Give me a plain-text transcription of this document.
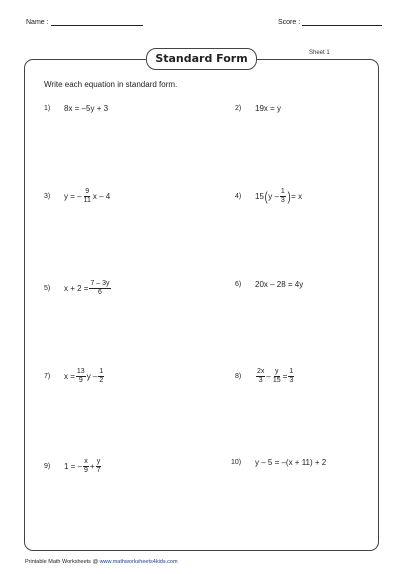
Name :	Score :
Standard Form	Sheet 1
Write each equation in standard form.
1)	8x = –5y + 3	2)	19x = y
3)	y = – $\frac{9}{11}$ x – 4	4)	15 ( y – $\frac{1}{3}$ ) = x
5)	$x + 2 = \frac{7 - 3y}{6}$	6)	20x – 28 = 4y
7)	$x = \frac{13}{9}$ y – $\frac{1}{2}$	8)	$\frac{2x}{3} - \frac{y}{15} = \frac{1}{3}$
9)	1 = – $\frac{x}{9} + \frac{y}{7}$	10)	y – 5 = –(x + 11) + 2
Printable Math Worksheets @ www.mathworksheets4kids.com
